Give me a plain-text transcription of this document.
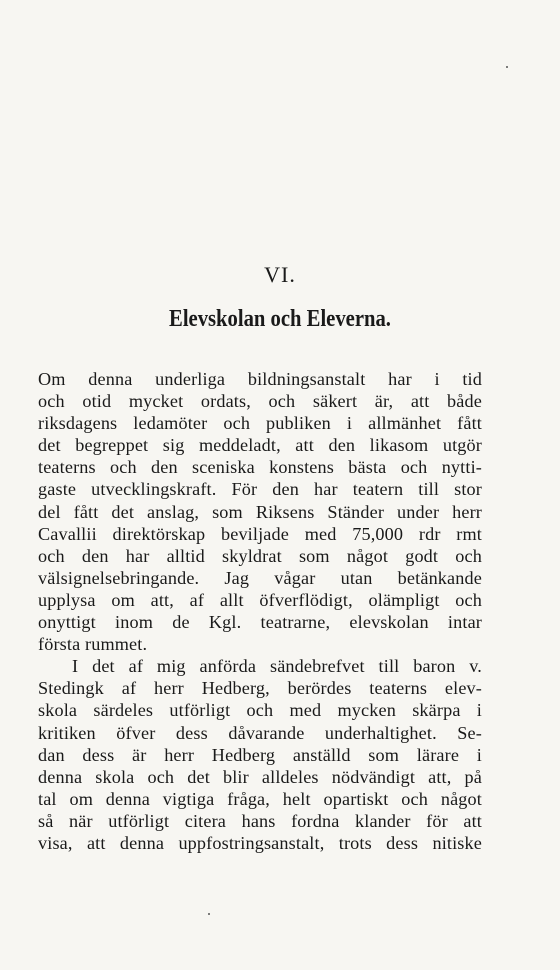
VI.
Elevskolan och Eleverna.
Om denna underliga bildningsanstalt har i tid
och otid mycket ordats, och säkert är, att både
riksdagens ledamöter och publiken i allmänhet fått
det begreppet sig meddeladt, att den likasom utgör
teaterns och den sceniska konstens bästa och nytti-
gaste utvecklingskraft. För den har teatern till stor
del fått det anslag, som Riksens Ständer under herr
Cavallii direktörskap beviljade med 75,000 rdr rmt
och den har alltid skyldrat som något godt och
välsignelsebringande. Jag vågar utan betänkande
upplysa om att, af allt öfverflödigt, olämpligt och
onyttigt inom de Kgl. teatrarne, elevskolan intar
första rummet.
I det af mig anförda sändebrefvet till baron v.
Stedingk af herr Hedberg, berördes teaterns elev-
skola särdeles utförligt och med mycken skärpa i
kritiken öfver dess dåvarande underhaltighet. Se-
dan dess är herr Hedberg anställd som lärare i
denna skola och det blir alldeles nödvändigt att, på
tal om denna vigtiga fråga, helt opartiskt och något
så när utförligt citera hans fordna klander för att
visa, att denna uppfostringsanstalt, trots dess nitiske
